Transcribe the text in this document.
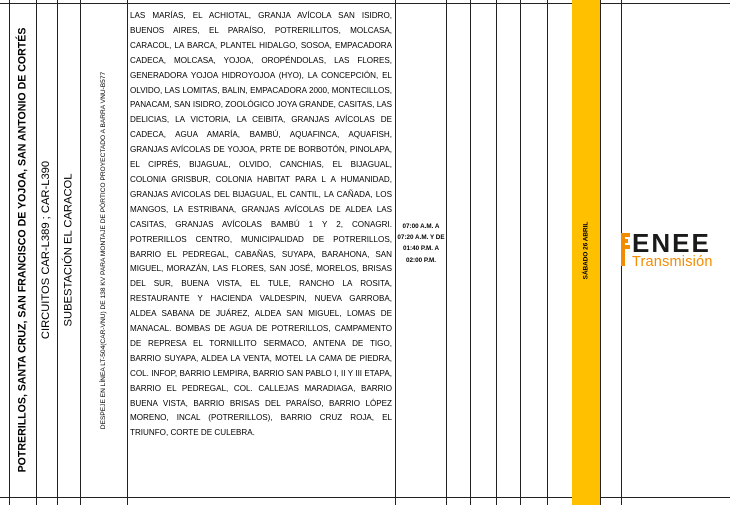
POTRERILLOS, SANTA CRUZ, SAN FRANCISCO DE YOJOA, SAN ANTONIO DE CORTÉS CIRCUITOS CAR-L389 ; CAR-L390 SUBESTACIÓN EL CARACOL	DESPEJE EN LÍNEA LT-504(CAR-VNU) DE 138 KV PARA MONTAJE DE PÓRTICO PROYECTADO A BARRA VNU-B577
LAS MARÍAS, EL ACHIOTAL, GRANJA AVÍCOLA SAN ISIDRO, BUENOS AIRES, EL PARAÍSO, POTRERILLITOS, MOLCASA, CARACOL, LA BARCA, PLANTEL HIDALGO, SOSOA, EMPACADORA CADECA, MOLCASA, YOJOA, OROPÉNDOLAS, LAS FLORES, GENERADORA YOJOA HIDROYOJOA (HYO), LA CONCEPCIÓN, EL OLVIDO, LAS LOMITAS, BALIN, EMPACADORA 2000, MONTECILLOS, PANACAM, SAN ISIDRO, ZOOLÓGICO JOYA GRANDE, CASITAS, LAS DELICIAS, LA VICTORIA, LA CEIBITA, GRANJAS AVÍCOLAS DE CADECA, AGUA AMARÍA, BAMBÚ, AQUAFINCA, AQUAFISH, GRANJAS AVÍCOLAS DE YOJOA, PRTE DE BORBOTÓN, PINOLAPA, EL CIPRÉS, BIJAGUAL, OLVIDO, CANCHIAS, EL BIJAGUAL, COLONIA GRISBUR, COLONIA HABITAT PARA L A HUMANIDAD, GRANJAS AVICOLAS DEL BIJAGUAL, EL CANTIL, LA CAÑADA, LOS MANGOS, LA ESTRIBANA, GRANJAS AVÍCOLAS DE ALDEA LAS CASITAS, GRANJAS AVÍCOLAS BAMBÚ 1 Y 2, CONAGRI. POTRERILLOS CENTRO, MUNICIPALIDAD DE POTRERILLOS, BARRIO EL PEDREGAL, CABAÑAS, SUYAPA, BARAHONA, SAN MIGUEL, MORAZÁN, LAS FLORES, SAN JOSÉ, MORELOS, BRISAS DEL SUR, BUENA VISTA, EL TULE, RANCHO LA ROSITA, RESTAURANTE Y HACIENDA VALDESPIN, NUEVA GARROBA, ALDEA SABANA DE JUÁREZ, ALDEA SAN MIGUEL, LOMAS DE MANACAL. BOMBAS DE AGUA DE POTRERILLOS, CAMPAMENTO DE REPRESA EL TORNILLITO SERMACO, ANTENA DE TIGO, BARRIO SUYAPA, ALDEA LA VENTA, MOTEL LA CAMA DE PIEDRA, COL. INFOP, BARRIO LEMPIRA, BARRIO SAN PABLO I, II Y III ETAPA, BARRIO EL PEDREGAL, COL. CALLEJAS MARADIAGA, BARRIO BUENA VISTA, BARRIO BRISAS DEL PARAÍSO, BARRIO LÓPEZ MORENO, INCAL (POTRERILLOS), BARRIO CRUZ ROJA, EL TRIUNFO, CORTE DE CULEBRA.
07:00 A.M. A 07:20 A.M. Y DE 01:40 P.M. A 02:00 P.M.	SÁBADO 26 ABRIL ENEE
Transmisión
